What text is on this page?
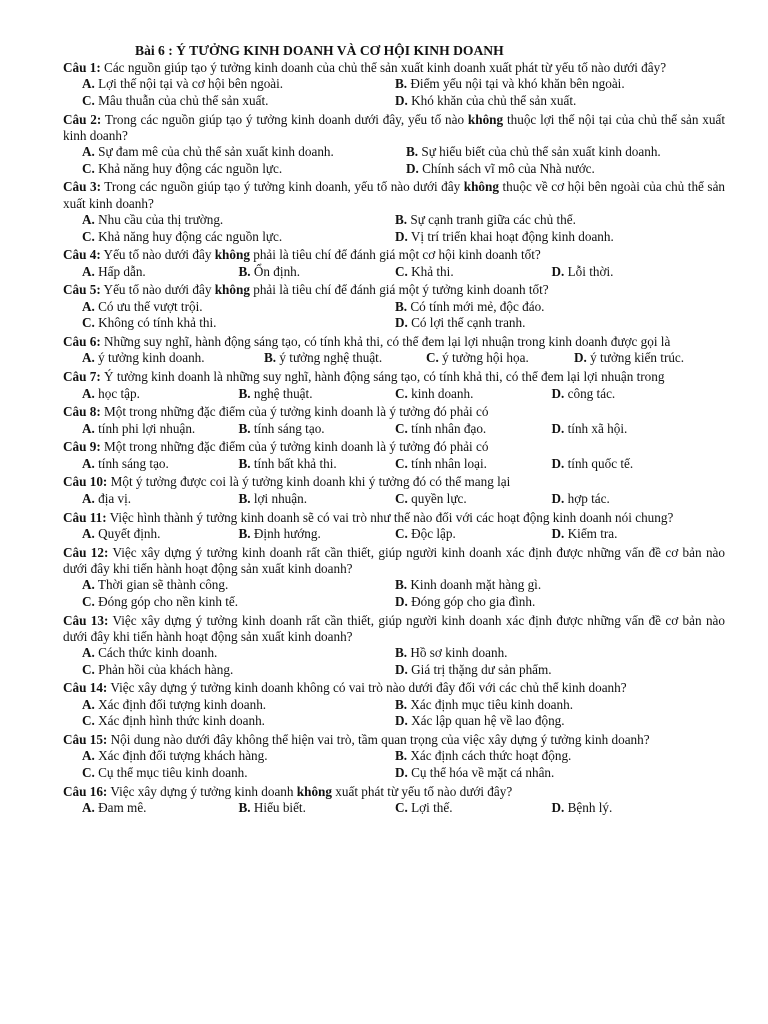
Bài 6 : Ý TƯỞNG KINH DOANH VÀ CƠ HỘI KINH DOANH
Câu 1: Các nguồn giúp tạo ý tưởng kinh doanh của chủ thể sản xuất kinh doanh xuất phát từ yếu tố nào dưới đây?
A. Lợi thế nội tại và cơ hội bên ngoài.	B. Điểm yếu nội tại và khó khăn bên ngoài.
C. Mâu thuẫn của chủ thể sản xuất.	D. Khó khăn của chủ thể sản xuất.
Câu 2: Trong các nguồn giúp tạo ý tưởng kinh doanh dưới đây, yếu tố nào không thuộc lợi thế nội tại của chủ thể sản xuất kinh doanh?
A. Sự đam mê của chủ thể sản xuất kinh doanh.	B. Sự hiểu biết của chủ thể sản xuất kinh doanh.
C. Khả năng huy động các nguồn lực.	D. Chính sách vĩ mô của Nhà nước.
Câu 3: Trong các nguồn giúp tạo ý tưởng kinh doanh, yếu tố nào dưới đây không thuộc về cơ hội bên ngoài của chủ thể sản xuất kinh doanh?
A. Nhu cầu của thị trường.	B. Sự cạnh tranh giữa các chủ thể.
C. Khả năng huy động các nguồn lực.	D. Vị trí triển khai hoạt động kinh doanh.
Câu 4: Yếu tố nào dưới đây không phải là tiêu chí để đánh giá một cơ hội kinh doanh tốt?
A. Hấp dẫn.	B. Ổn định.	C. Khả thi.	D. Lỗi thời.
Câu 5: Yếu tố nào dưới đây không phải là tiêu chí để đánh giá một ý tưởng kinh doanh tốt?
A. Có ưu thế vượt trội.	B. Có tính mới mẻ, độc đáo.
C. Không có tính khả thi.	D. Có lợi thế cạnh tranh.
Câu 6: Những suy nghĩ, hành động sáng tạo, có tính khả thi, có thể đem lại lợi nhuận trong kinh doanh được gọi là
A. ý tưởng kinh doanh.	B. ý tưởng nghệ thuật.	C. ý tưởng hội họa.	D. ý tưởng kiến trúc.
Câu 7: Ý tưởng kinh doanh là những suy nghĩ, hành động sáng tạo, có tính khả thi, có thể đem lại lợi nhuận trong
A. học tập.	B. nghệ thuật.	C. kinh doanh.	D. công tác.
Câu 8: Một trong những đặc điểm của ý tưởng kinh doanh là ý tưởng đó phải có
A. tính phi lợi nhuận.	B. tính sáng tạo.	C. tính nhân đạo.	D. tính xã hội.
Câu 9: Một trong những đặc điểm của ý tưởng kinh doanh là ý tưởng đó phải có
A. tính sáng tạo.	B. tính bất khả thi.	C. tính nhân loại.	D. tính quốc tế.
Câu 10: Một ý tưởng được coi là ý tưởng kinh doanh khi ý tưởng đó có thể mang lại
A. địa vị.	B. lợi nhuận.	C. quyền lực.	D. hợp tác.
Câu 11: Việc hình thành ý tưởng kinh doanh sẽ có vai trò như thế nào đối với các hoạt động kinh doanh nói chung?
A. Quyết định.	B. Định hướng.	C. Độc lập.	D. Kiểm tra.
Câu 12: Việc xây dựng ý tưởng kinh doanh rất cần thiết, giúp người kinh doanh xác định được những vấn đề cơ bản nào dưới đây khi tiến hành hoạt động sản xuất kinh doanh?
A. Thời gian sẽ thành công.	B. Kinh doanh mặt hàng gì.
C. Đóng góp cho nền kinh tế.	D. Đóng góp cho gia đình.
Câu 13: Việc xây dựng ý tưởng kinh doanh rất cần thiết, giúp người kinh doanh xác định được những vấn đề cơ bản nào dưới đây khi tiến hành hoạt động sản xuất kinh doanh?
A. Cách thức kinh doanh.	B. Hồ sơ kinh doanh.
C. Phản hồi của khách hàng.	D. Giá trị thặng dư sản phẩm.
Câu 14: Việc xây dựng ý tưởng kinh doanh không có vai trò nào dưới đây đối với các chủ thể kinh doanh?
A. Xác định đối tượng kinh doanh.	B. Xác định mục tiêu kinh doanh.
C. Xác định hình thức kinh doanh.	D. Xác lập quan hệ về lao động.
Câu 15: Nội dung nào dưới đây không thể hiện vai trò, tầm quan trọng của việc xây dựng ý tưởng kinh doanh?
A. Xác định đối tượng khách hàng.	B. Xác định cách thức hoạt động.
C. Cụ thể mục tiêu kinh doanh.	D. Cụ thể hóa về mặt cá nhân.
Câu 16: Việc xây dựng ý tưởng kinh doanh không xuất phát từ yếu tố nào dưới đây?
A. Đam mê.	B. Hiểu biết.	C. Lợi thế.	D. Bệnh lý.
